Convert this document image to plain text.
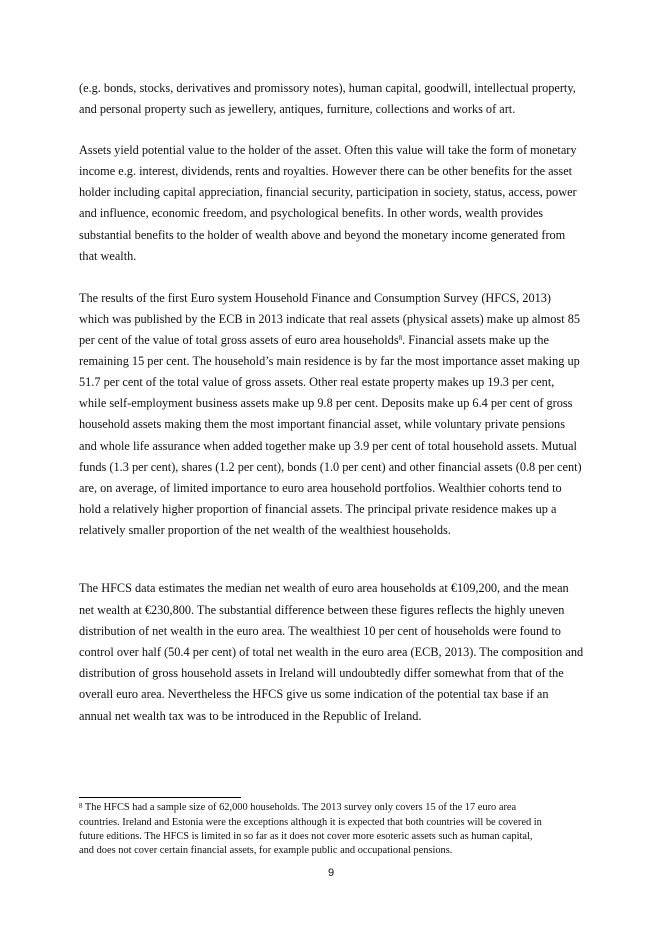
(e.g. bonds, stocks, derivatives and promissory notes), human capital, goodwill, intellectual property,
and personal property such as jewellery, antiques, furniture, collections and works of art.
Assets yield potential value to the holder of the asset. Often this value will take the form of monetary
income e.g. interest, dividends, rents and royalties. However there can be other benefits for the asset
holder including capital appreciation, financial security, participation in society, status, access, power
and influence, economic freedom, and psychological benefits. In other words, wealth provides
substantial benefits to the holder of wealth above and beyond the monetary income generated from
that wealth.
The results of the first Euro system Household Finance and Consumption Survey (HFCS, 2013)
which was published by the ECB in 2013 indicate that real assets (physical assets) make up almost 85
per cent of the value of total gross assets of euro area households$^8$. Financial assets make up the
remaining 15 per cent. The household’s main residence is by far the most importance asset making up
51.7 per cent of the total value of gross assets. Other real estate property makes up 19.3 per cent,
while self-employment business assets make up 9.8 per cent. Deposits make up 6.4 per cent of gross
household assets making them the most important financial asset, while voluntary private pensions
and whole life assurance when added together make up 3.9 per cent of total household assets. Mutual
funds (1.3 per cent), shares (1.2 per cent), bonds (1.0 per cent) and other financial assets (0.8 per cent)
are, on average, of limited importance to euro area household portfolios. Wealthier cohorts tend to
hold a relatively higher proportion of financial assets. The principal private residence makes up a
relatively smaller proportion of the net wealth of the wealthiest households.
The HFCS data estimates the median net wealth of euro area households at €109,200, and the mean
net wealth at €230,800. The substantial difference between these figures reflects the highly uneven
distribution of net wealth in the euro area. The wealthiest 10 per cent of households were found to
control over half (50.4 per cent) of total net wealth in the euro area (ECB, 2013). The composition and
distribution of gross household assets in Ireland will undoubtedly differ somewhat from that of the
overall euro area. Nevertheless the HFCS give us some indication of the potential tax base if an
annual net wealth tax was to be introduced in the Republic of Ireland.
$^8$ The HFCS had a sample size of 62,000 households. The 2013 survey only covers 15 of the 17 euro area
countries. Ireland and Estonia were the exceptions although it is expected that both countries will be covered in
future editions. The HFCS is limited in so far as it does not cover more esoteric assets such as human capital,
and does not cover certain financial assets, for example public and occupational pensions.
9
